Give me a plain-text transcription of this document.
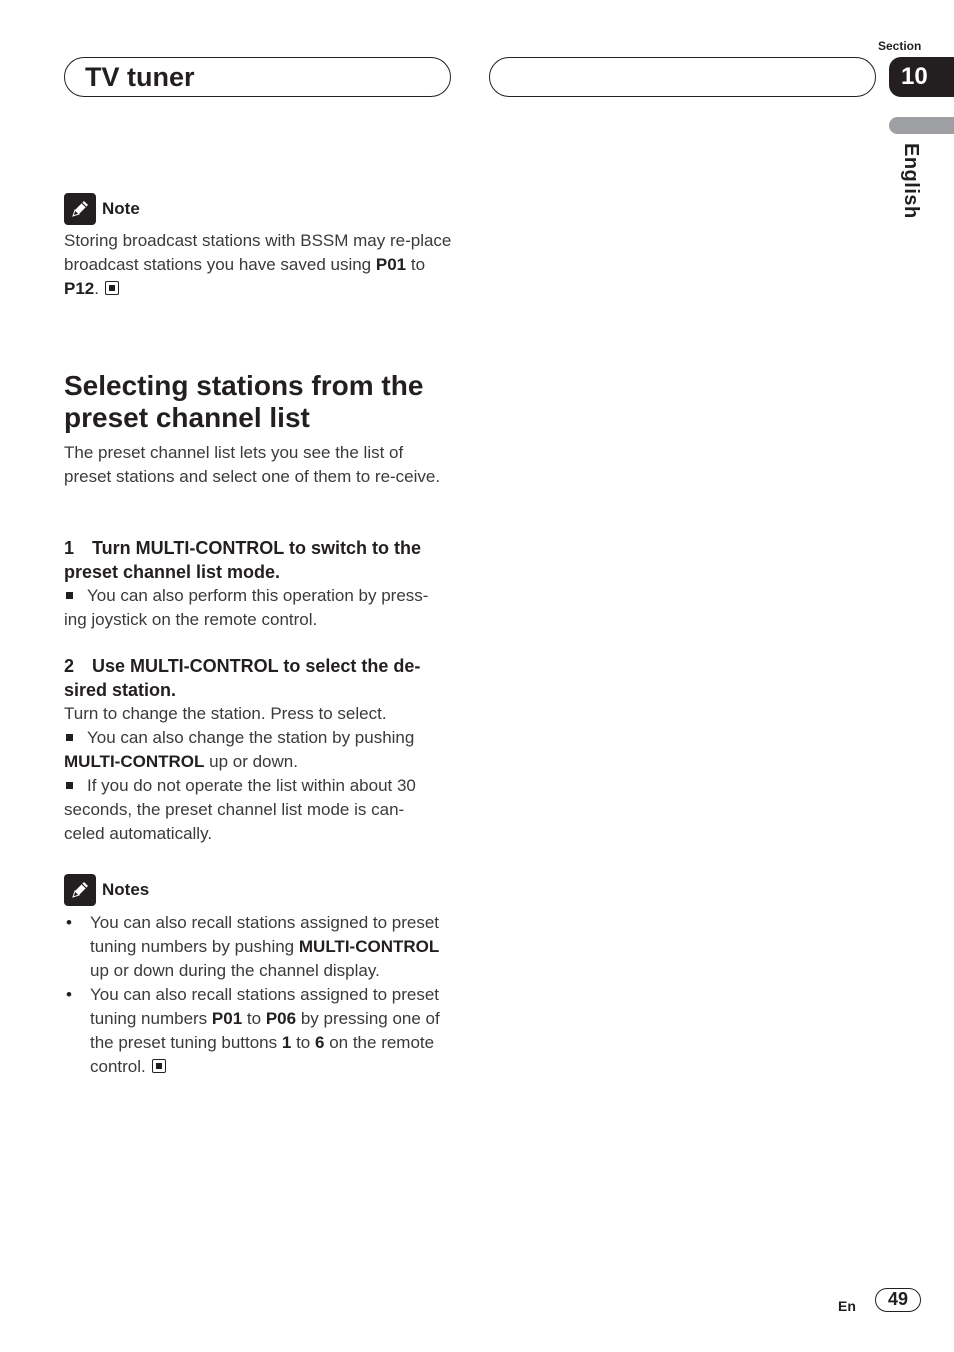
TV tuner
Section
10
English
Note
Storing broadcast stations with BSSM may re-place broadcast stations you have saved using P01 to P12.
Selecting stations from the preset channel list
The preset channel list lets you see the list of preset stations and select one of them to re-ceive.
1 Turn MULTI-CONTROL to switch to the preset channel list mode.
You can also perform this operation by press-ing joystick on the remote control.
2 Use MULTI-CONTROL to select the de-sired station.
Turn to change the station. Press to select.
You can also change the station by pushing MULTI-CONTROL up or down.
If you do not operate the list within about 30 seconds, the preset channel list mode is can-celed automatically.
Notes
• You can also recall stations assigned to preset tuning numbers by pushing MULTI-CONTROL up or down during the channel display.
• You can also recall stations assigned to preset tuning numbers P01 to P06 by pressing one of the preset tuning buttons 1 to 6 on the remote control.
En	49
